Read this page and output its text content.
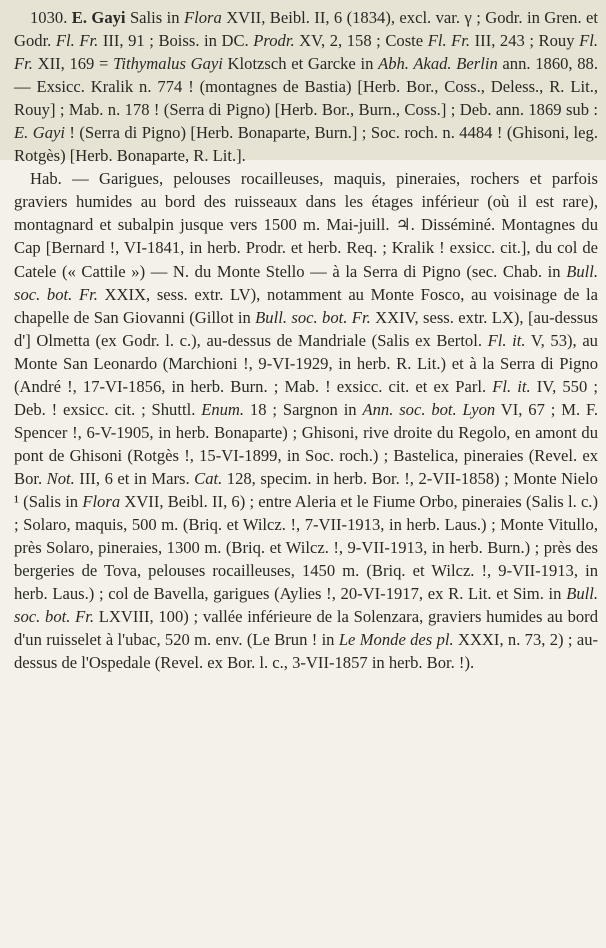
1030. E. Gayi Salis in Flora XVII, Beibl. II, 6 (1834), excl. var. γ ; Godr. in Gren. et Godr. Fl. Fr. III, 91 ; Boiss. in DC. Prodr. XV, 2, 158 ; Coste Fl. Fr. III, 243 ; Rouy Fl. Fr. XII, 169 = Tithymalus Gayi Klotzsch et Garcke in Abh. Akad. Berlin ann. 1860, 88. — Exsicc. Kralik n. 774 ! (montagnes de Bastia) [Herb. Bor., Coss., Deless., R. Lit., Rouy] ; Mab. n. 178 ! (Serra di Pigno) [Herb. Bor., Burn., Coss.] ; Deb. ann. 1869 sub : E. Gayi ! (Serra di Pigno) [Herb. Bonaparte, Burn.] ; Soc. roch. n. 4484 ! (Ghisoni, leg. Rotgès) [Herb. Bonaparte, R. Lit.].

Hab. — Garigues, pelouses rocailleuses, maquis, pineraies, rochers et parfois graviers humides au bord des ruisseaux dans les étages inférieur (où il est rare), montagnard et subalpin jusque vers 1500 m. Mai-juill. ♃. Disséminé. Montagnes du Cap [Bernard !, VI-1841, in herb. Prodr. et herb. Req. ; Kralik ! exsicc. cit.], du col de Catele (« Cattile ») — N. du Monte Stello — à la Serra di Pigno (sec. Chab. in Bull. soc. bot. Fr. XXIX, sess. extr. LV), notamment au Monte Fosco, au voisinage de la chapelle de San Giovanni (Gillot in Bull. soc. bot. Fr. XXIV, sess. extr. LX), [au-dessus d'] Olmetta (ex Godr. l. c.), au-dessus de Mandriale (Salis ex Bertol. Fl. it. V, 53), au Monte San Leonardo (Marchioni !, 9-VI-1929, in herb. R. Lit.) et à la Serra di Pigno (André !, 17-VI-1856, in herb. Burn. ; Mab. ! exsicc. cit. et ex Parl. Fl. it. IV, 550 ; Deb. ! exsicc. cit. ; Shuttl. Enum. 18 ; Sargnon in Ann. soc. bot. Lyon VI, 67 ; M. F. Spencer !, 6-V-1905, in herb. Bonaparte) ; Ghisoni, rive droite du Regolo, en amont du pont de Ghisoni (Rotgès !, 15-VI-1899, in Soc. roch.) ; Bastelica, pineraies (Revel. ex Bor. Not. III, 6 et in Mars. Cat. 128, specim. in herb. Bor. !, 2-VII-1858) ; Monte Nielo ¹ (Salis in Flora XVII, Beibl. II, 6) ; entre Aleria et le Fiume Orbo, pineraies (Salis l. c.) ; Solaro, maquis, 500 m. (Briq. et Wilcz. !, 7-VII-1913, in herb. Laus.) ; Monte Vitullo, près Solaro, pineraies, 1300 m. (Briq. et Wilcz. !, 9-VII-1913, in herb. Burn.) ; près des bergeries de Tova, pelouses rocailleuses, 1450 m. (Briq. et Wilcz. !, 9-VII-1913, in herb. Laus.) ; col de Bavella, garigues (Aylies !, 20-VI-1917, ex R. Lit. et Sim. in Bull. soc. bot. Fr. LXVIII, 100) ; vallée inférieure de la Solenzara, graviers humides au bord d'un ruisselet à l'ubac, 520 m. env. (Le Brun ! in Le Monde des pl. XXXI, n. 73, 2) ; au-dessus de l'Ospedale (Revel. ex Bor. l. c., 3-VII-1857 in herb. Bor. !).
